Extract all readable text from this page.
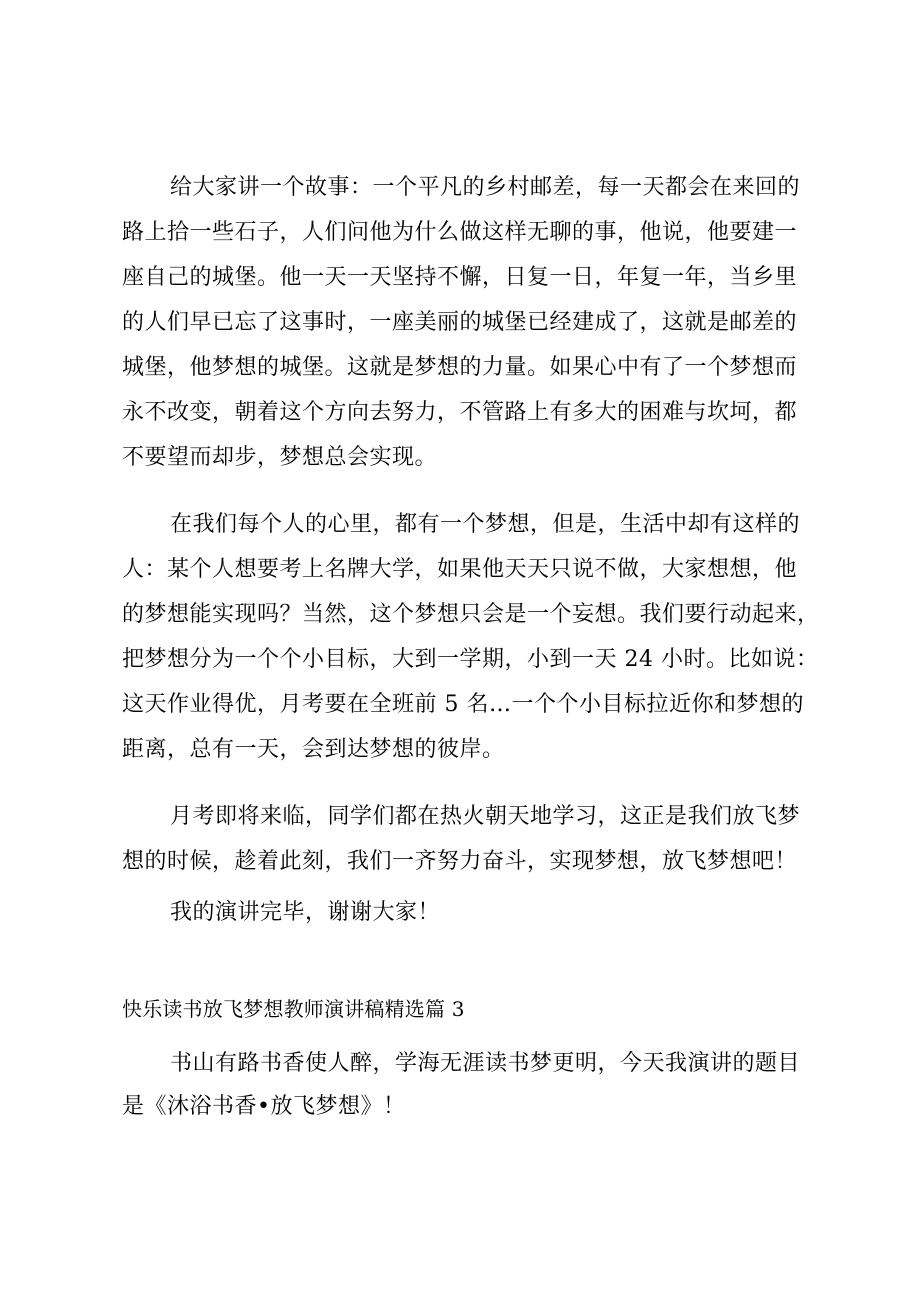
给大家讲一个故事：一个平凡的乡村邮差，每一天都会在来回的
路上拾一些石子，人们问他为什么做这样无聊的事，他说，他要建一
座自己的城堡。他一天一天坚持不懈，日复一日，年复一年，当乡里
的人们早已忘了这事时，一座美丽的城堡已经建成了，这就是邮差的
城堡，他梦想的城堡。这就是梦想的力量。如果心中有了一个梦想而
永不改变，朝着这个方向去努力，不管路上有多大的困难与坎坷，都
不要望而却步，梦想总会实现。
在我们每个人的心里，都有一个梦想，但是，生活中却有这样的
人：某个人想要考上名牌大学，如果他天天只说不做，大家想想，他
的梦想能实现吗？当然，这个梦想只会是一个妄想。我们要行动起来，
把梦想分为一个个小目标，大到一学期，小到一天 24 小时。比如说：
这天作业得优，月考要在全班前 5 名…一个个小目标拉近你和梦想的
距离，总有一天，会到达梦想的彼岸。
月考即将来临，同学们都在热火朝天地学习，这正是我们放飞梦
想的时候，趁着此刻，我们一齐努力奋斗，实现梦想，放飞梦想吧！
我的演讲完毕，谢谢大家！
快乐读书放飞梦想教师演讲稿精选篇 3
书山有路书香使人醉，学海无涯读书梦更明，今天我演讲的题目
是《沐浴书香•放飞梦想》！
